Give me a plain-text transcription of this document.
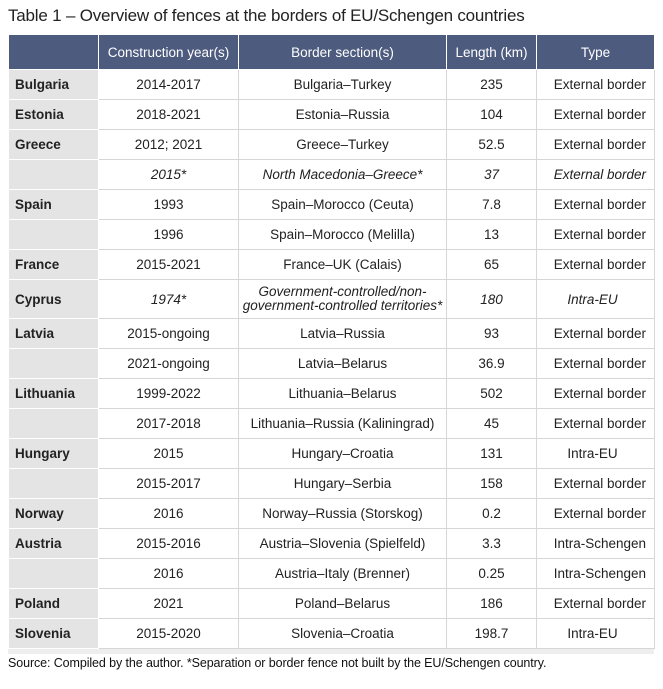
Table 1 – Overview of fences at the borders of EU/Schengen countries
	Construction year(s)	Border section(s)	Length (km)	Type
Bulgaria	2014-2017	Bulgaria–Turkey	235	External border
Estonia	2018-2021	Estonia–Russia	104	External border
Greece	2012; 2021	Greece–Turkey	52.5	External border
	2015*	North Macedonia–Greece*	37	External border
Spain	1993	Spain–Morocco (Ceuta)	7.8	External border
	1996	Spain–Morocco (Melilla)	13	External border
France	2015-2021	France–UK (Calais)	65	External border
Cyprus	1974*	Government-controlled/non-government-controlled territories*	180	Intra-EU
Latvia	2015-ongoing	Latvia–Russia	93	External border
	2021-ongoing	Latvia–Belarus	36.9	External border
Lithuania	1999-2022	Lithuania–Belarus	502	External border
	2017-2018	Lithuania–Russia (Kaliningrad)	45	External border
Hungary	2015	Hungary–Croatia	131	Intra-EU
	2015-2017	Hungary–Serbia	158	External border
Norway	2016	Norway–Russia (Storskog)	0.2	External border
Austria	2015-2016	Austria–Slovenia (Spielfeld)	3.3	Intra-Schengen
	2016	Austria–Italy (Brenner)	0.25	Intra-Schengen
Poland	2021	Poland–Belarus	186	External border
Slovenia	2015-2020	Slovenia–Croatia	198.7	Intra-EU
Source: Compiled by the author. *Separation or border fence not built by the EU/Schengen country.
